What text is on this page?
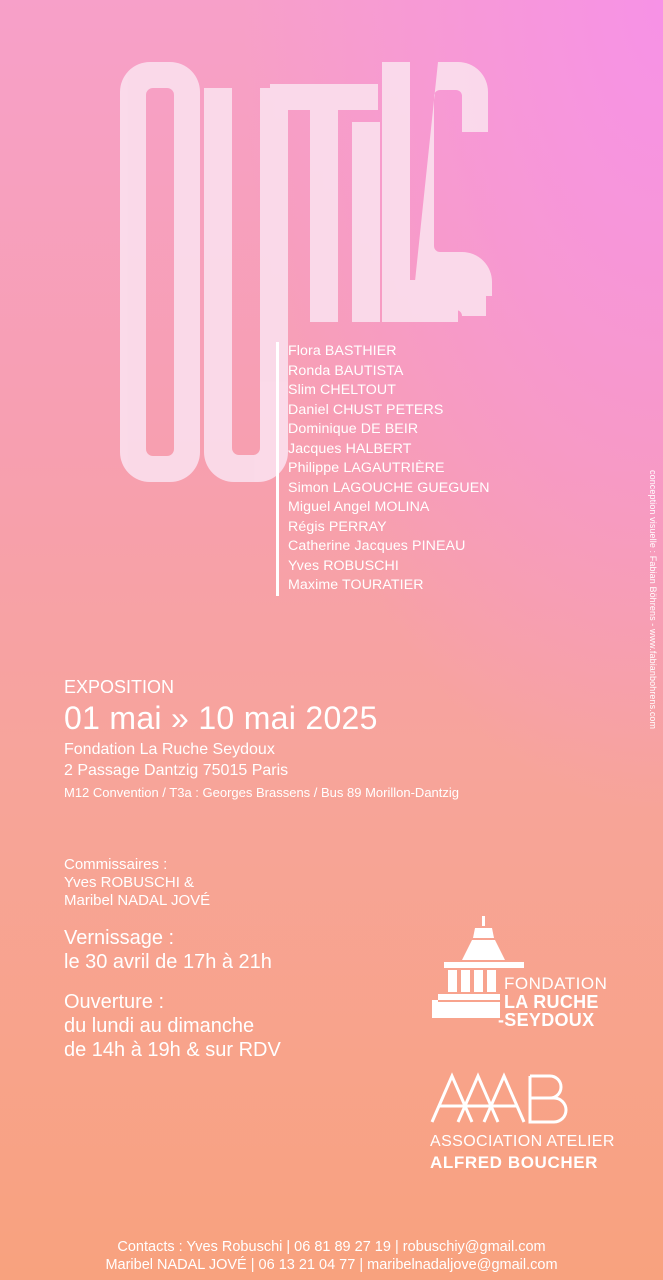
Flora BASTHIER
Ronda BAUTISTA
Slim CHELTOUT
Daniel CHUST PETERS
Dominique DE BEIR
Jacques HALBERT
Philippe LAGAUTRIÈRE
Simon LAGOUCHE GUEGUEN
Miguel Angel MOLINA
Régis PERRAY
Catherine Jacques PINEAU
Yves ROBUSCHI
Maxime TOURATIER	conception visuelle : Fabian Böhrens - www.fabianbohrens.com
EXPOSITION
01 mai » 10 mai 2025
Fondation La Ruche Seydoux
2 Passage Dantzig 75015 Paris
M12 Convention / T3a : Georges Brassens / Bus 89 Morillon-Dantzig
Commissaires :
Yves ROBUSCHI &
Maribel NADAL JOVÉ
Vernissage :
le 30 avril de 17h à 21h
Ouverture :
du lundi au dimanche
de 14h à 19h & sur RDV
FONDATION
LA RUCHE
-SEYDOUX
ASSOCIATION ATELIER
ALFRED BOUCHER
Contacts : Yves Robuschi | 06 81 89 27 19 | robuschiy@gmail.com
Maribel NADAL JOVÉ | 06 13 21 04 77 | maribelnadaljove@gmail.com
